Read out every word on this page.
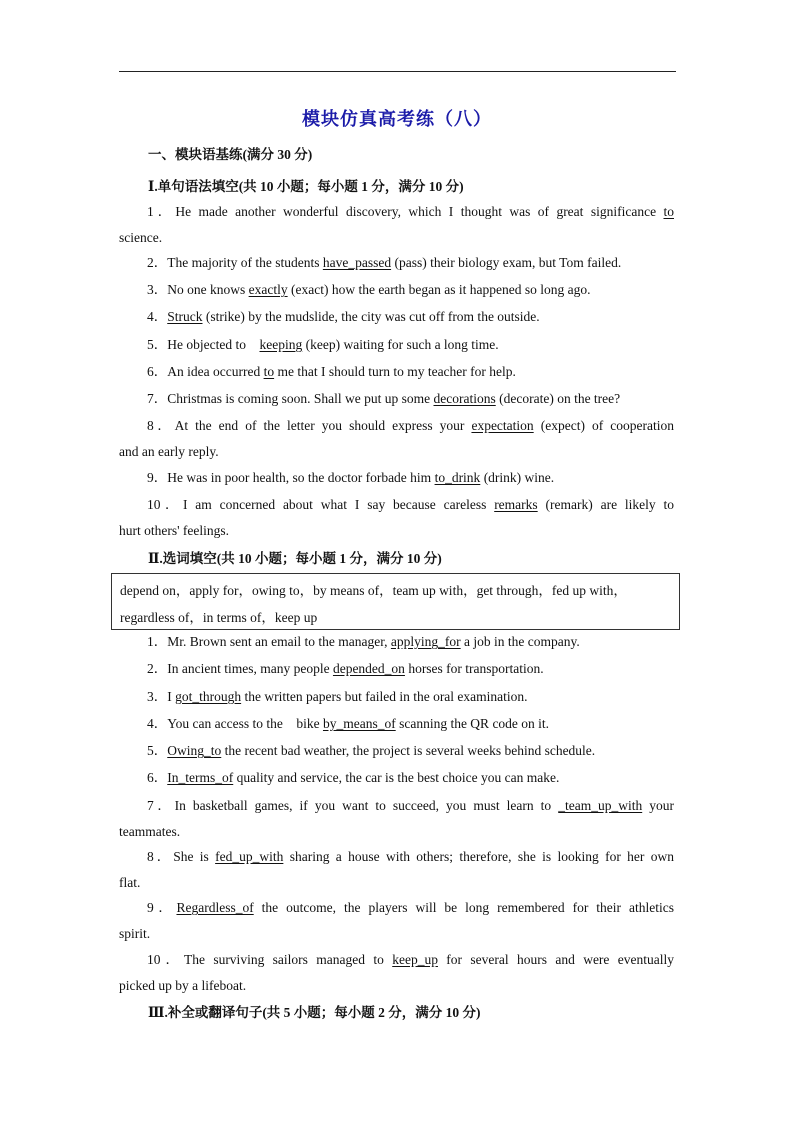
模块仿真高考练（八）
一、模块语基练(满分 30 分)
Ⅰ.单句语法填空(共 10 小题；每小题 1 分，满分 10 分)
1．He made another wonderful discovery, which I thought was of great significance to
science.
2．The majority of the students have_passed (pass) their biology exam, but Tom failed.
3．No one knows exactly (exact) how the earth began as it happened so long ago.
4．Struck (strike) by the mudslide, the city was cut off from the outside.
5．He objected to　keeping (keep) waiting for such a long time.
6．An idea occurred to me that I should turn to my teacher for help.
7．Christmas is coming soon. Shall we put up some decorations (decorate) on the tree?
8．At the end of the letter you should express your expectation (expect) of cooperation
and an early reply.
9．He was in poor health, so the doctor forbade him to_drink (drink) wine.
10．I am concerned about what I say because careless remarks (remark) are likely to
hurt others' feelings.
Ⅱ.选词填空(共 10 小题；每小题 1 分，满分 10 分)
depend on，apply for，owing to，by means of，team up with，get through，fed up with，
regardless of，in terms of，keep up
1．Mr. Brown sent an email to the manager, applying_for a job in the company.
2．In ancient times, many people depended_on horses for transportation.
3．I got_through the written papers but failed in the oral examination.
4．You can access to the　bike by_means_of scanning the QR code on it.
5．Owing_to the recent bad weather, the project is several weeks behind schedule.
6．In_terms_of quality and service, the car is the best choice you can make.
7．In basketball games, if you want to succeed, you must learn to _team_up_with your
teammates.
8．She is fed_up_with sharing a house with others; therefore, she is looking for her own
flat.
9．Regardless_of the outcome, the players will be long remembered for their athletics
spirit.
10．The surviving sailors managed to keep_up for several hours and were eventually
picked up by a lifeboat.
Ⅲ.补全或翻译句子(共 5 小题；每小题 2 分，满分 10 分)
